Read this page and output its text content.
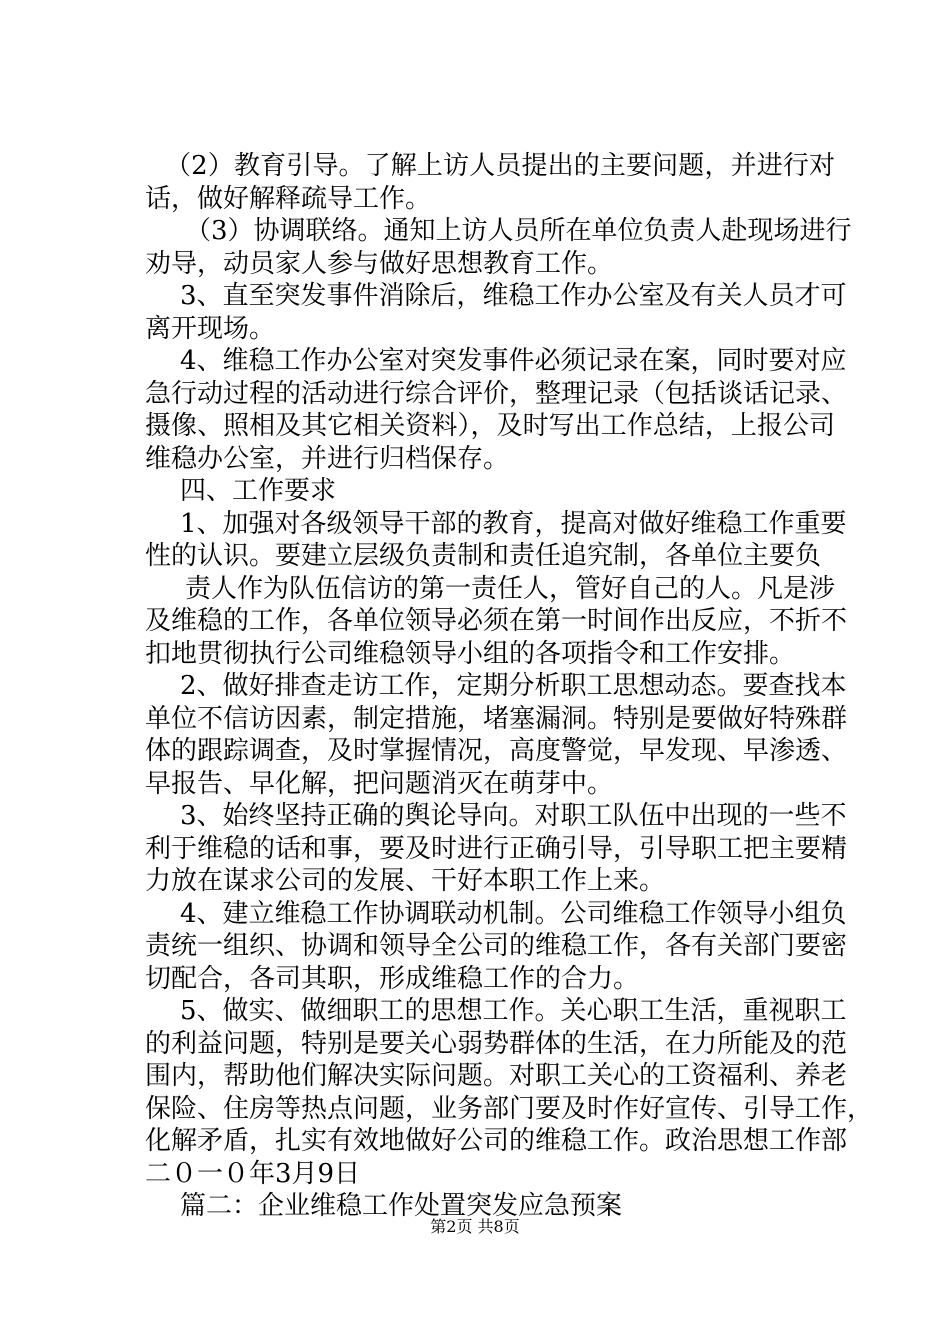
（2）教育引导。了解上访人员提出的主要问题，并进行对
话，做好解释疏导工作。
（3）协调联络。通知上访人员所在单位负责人赴现场进行
劝导，动员家人参与做好思想教育工作。
3、直至突发事件消除后，维稳工作办公室及有关人员才可
离开现场。
4、维稳工作办公室对突发事件必须记录在案，同时要对应
急行动过程的活动进行综合评价，整理记录（包括谈话记录、
摄像、照相及其它相关资料），及时写出工作总结，上报公司
维稳办公室，并进行归档保存。
四、工作要求
1、加强对各级领导干部的教育，提高对做好维稳工作重要
性的认识。要建立层级负责制和责任追究制，各单位主要负
责人作为队伍信访的第一责任人，管好自己的人。凡是涉
及维稳的工作，各单位领导必须在第一时间作出反应，不折不
扣地贯彻执行公司维稳领导小组的各项指令和工作安排。
2、做好排查走访工作，定期分析职工思想动态。要查找本
单位不信访因素，制定措施，堵塞漏洞。特别是要做好特殊群
体的跟踪调查，及时掌握情况，高度警觉，早发现、早渗透、
早报告、早化解，把问题消灭在萌芽中。
3、始终坚持正确的舆论导向。对职工队伍中出现的一些不
利于维稳的话和事，要及时进行正确引导，引导职工把主要精
力放在谋求公司的发展、干好本职工作上来。
4、建立维稳工作协调联动机制。公司维稳工作领导小组负
责统一组织、协调和领导全公司的维稳工作，各有关部门要密
切配合，各司其职，形成维稳工作的合力。
5、做实、做细职工的思想工作。关心职工生活，重视职工
的利益问题，特别是要关心弱势群体的生活，在力所能及的范
围内，帮助他们解决实际问题。对职工关心的工资福利、养老
保险、住房等热点问题，业务部门要及时作好宣传、引导工作，
化解矛盾，扎实有效地做好公司的维稳工作。政治思想工作部
二０一０年3月9日
篇二：企业维稳工作处置突发应急预案
第2页 共8页
